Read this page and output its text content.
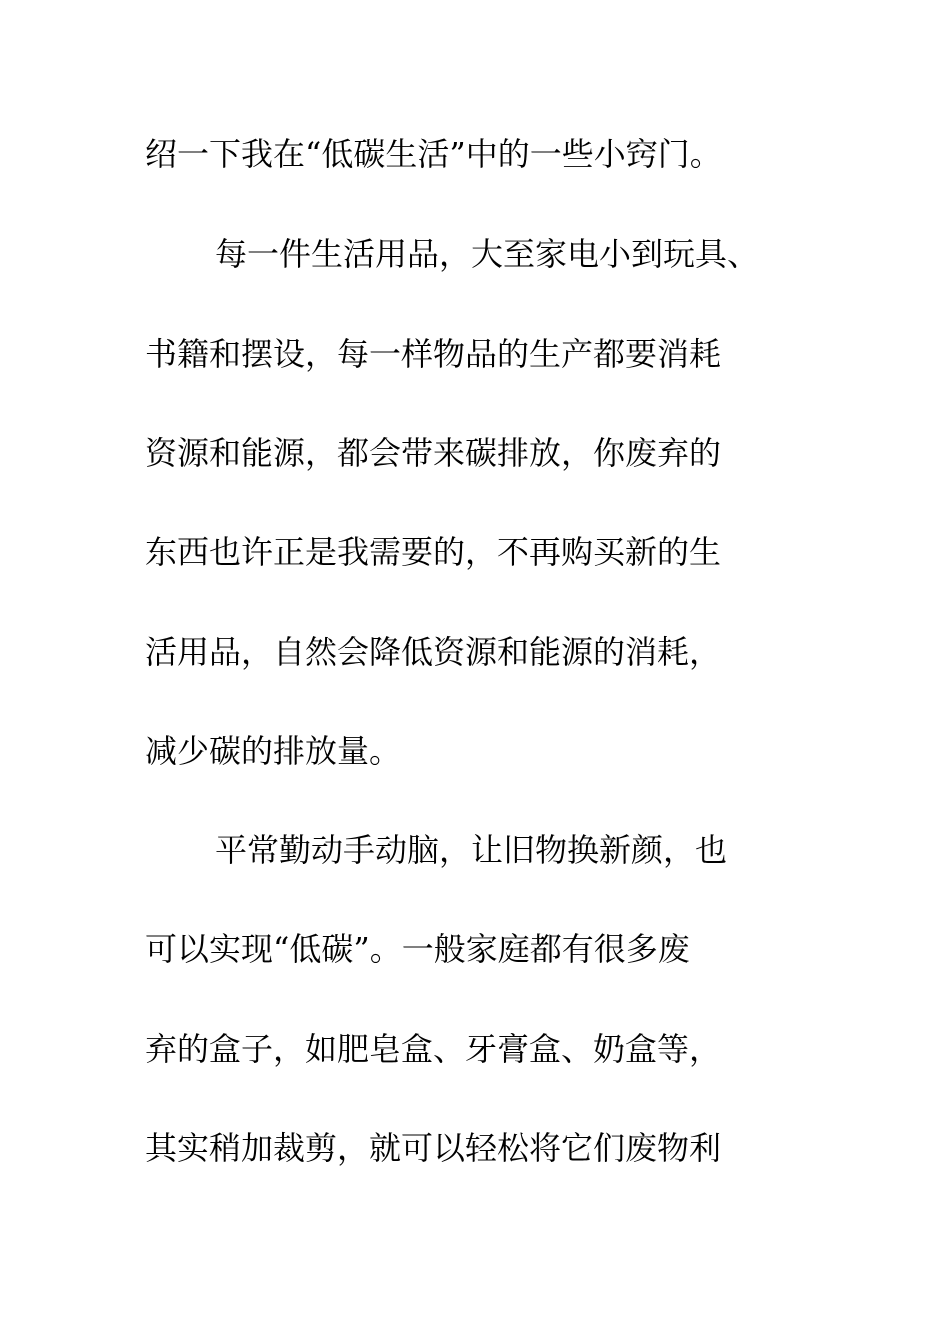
绍一下我在“低碳生活”中的一些小窍门。
每一件生活用品，大至家电小到玩具、
书籍和摆设，每一样物品的生产都要消耗
资源和能源，都会带来碳排放，你废弃的
东西也许正是我需要的，不再购买新的生
活用品，自然会降低资源和能源的消耗，
减少碳的排放量。
平常勤动手动脑，让旧物换新颜，也
可以实现“低碳”。一般家庭都有很多废
弃的盒子，如肥皂盒、牙膏盒、奶盒等，
其实稍加裁剪，就可以轻松将它们废物利
